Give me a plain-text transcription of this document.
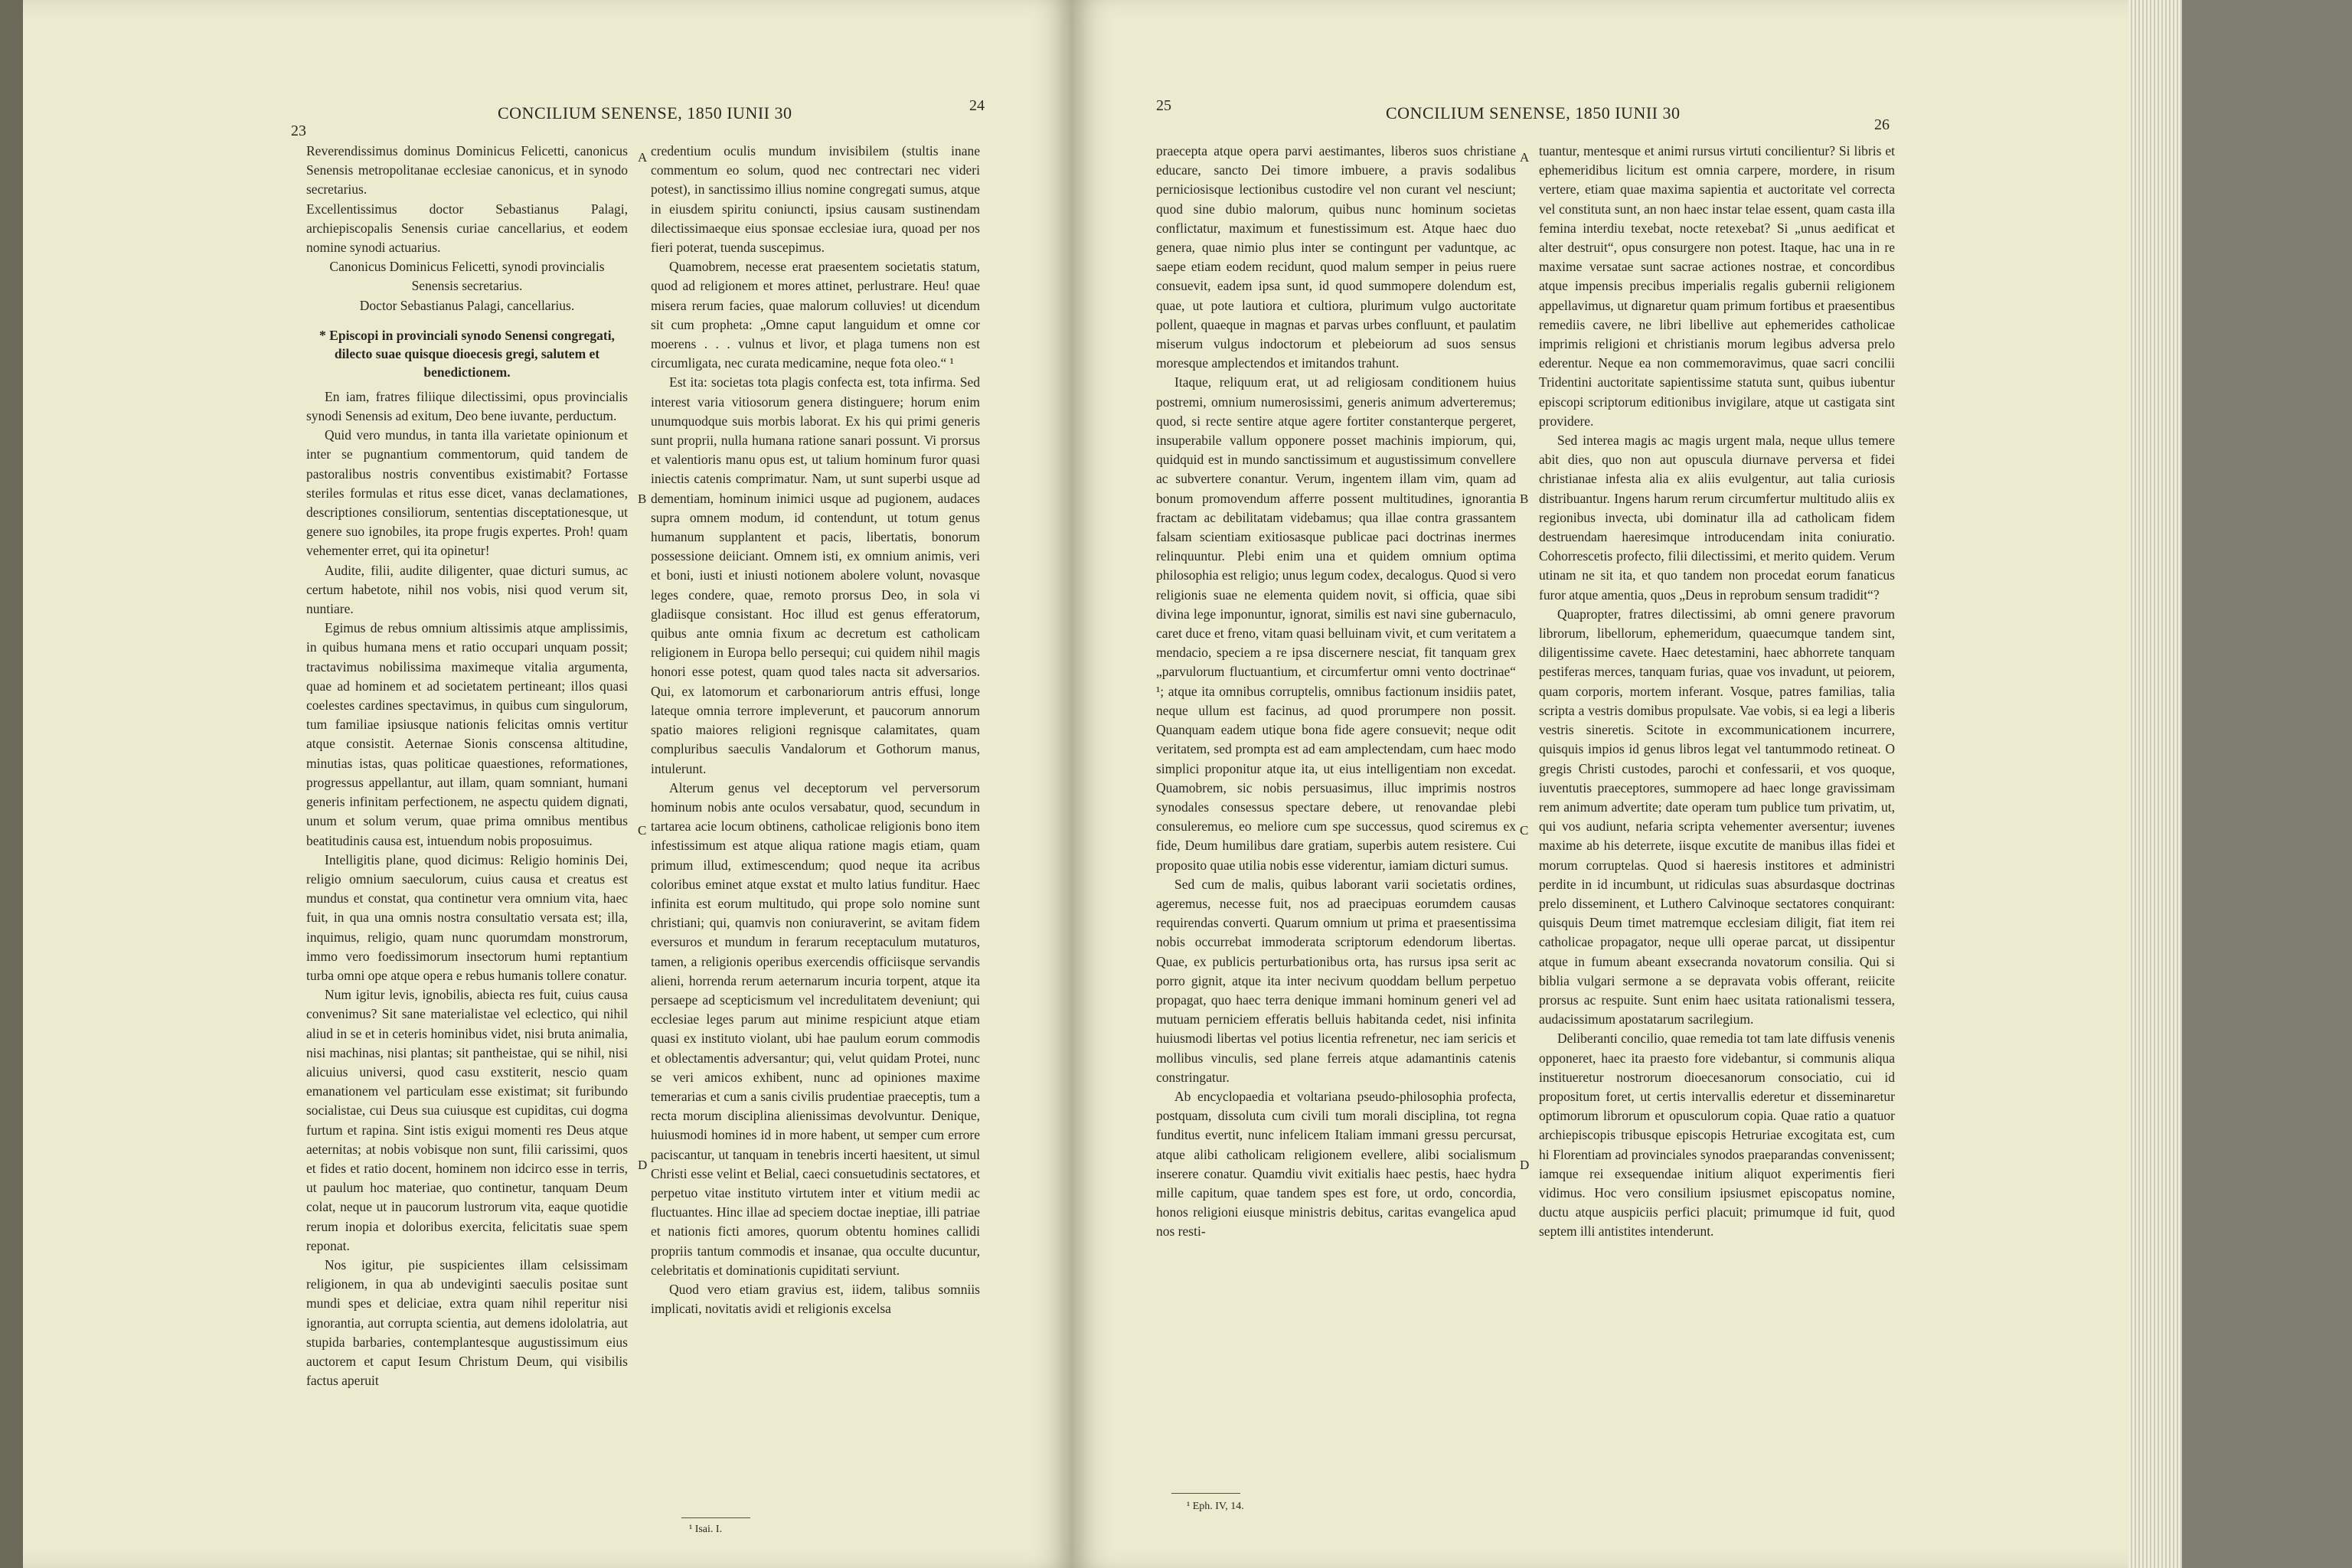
23
CONCILIUM SENENSE, 1850 IUNII 30	24

Reverendissimus dominus Dominicus Felicetti, canonicus Senensis metropolitanae ecclesiae canonicus, et in synodo secretarius.

Excellentissimus doctor Sebastianus Palagi, archiepiscopalis Senensis curiae cancellarius, et eodem nomine synodi actuarius.

Canonicus Dominicus Felicetti, synodi provincialis Senensis secretarius.

Doctor Sebastianus Palagi, cancellarius.

* Episcopi in provinciali synodo Senensi congregati, dilecto suae quisque dioecesis gregi, salutem et benedictionem.

En iam, fratres filiique dilectissimi, opus provincialis synodi Senensis ad exitum, Deo bene iuvante, perductum.

Quid vero mundus, in tanta illa varietate opinionum et inter se pugnantium commentorum, quid tandem de pastoralibus nostris conventibus existimabit? Fortasse steriles formulas et ritus esse dicet, vanas declamationes, descriptiones consiliorum, sententias disceptationesque, ut genere suo ignobiles, ita prope frugis expertes. Proh! quam vehementer erret, qui ita opinetur!

Audite, filii, audite diligenter, quae dicturi sumus, ac certum habetote, nihil nos vobis, nisi quod verum sit, nuntiare.

Egimus de rebus omnium altissimis atque amplissimis, in quibus humana mens et ratio occupari unquam possit; tractavimus nobilissima maximeque vitalia argumenta, quae ad hominem et ad societatem pertineant; illos quasi coelestes cardines spectavimus, in quibus cum singulorum, tum familiae ipsiusque nationis felicitas omnis vertitur atque consistit. Aeternae Sionis conscensa altitudine, minutias istas, quas politicae quaestiones, reformationes, progressus appellantur, aut illam, quam somniant, humani generis infinitam perfectionem, ne aspectu quidem dignati, unum et solum verum, quae prima omnibus mentibus beatitudinis causa est, intuendum nobis proposuimus.

Intelligitis plane, quod dicimus: Religio hominis Dei, religio omnium saeculorum, cuius causa et creatus est mundus et constat, qua continetur vera omnium vita, haec fuit, in qua una omnis nostra consultatio versata est; illa, inquimus, religio, quam nunc quorumdam monstrorum, immo vero foedissimorum insectorum humi reptantium turba omni ope atque opera e rebus humanis tollere conatur.

Num igitur levis, ignobilis, abiecta res fuit, cuius causa convenimus? Sit sane materialistae vel eclectico, qui nihil aliud in se et in ceteris hominibus videt, nisi bruta animalia, nisi machinas, nisi plantas; sit pantheistae, qui se nihil, nisi alicuius universi, quod casu exstiterit, nescio quam emanationem vel particulam esse existimat; sit furibundo socialistae, cui Deus sua cuiusque est cupiditas, cui dogma furtum et rapina. Sint istis exigui momenti res Deus atque aeternitas; at nobis vobisque non sunt, filii carissimi, quos et fides et ratio docent, hominem non idcirco esse in terris, ut paulum hoc materiae, quo continetur, tanquam Deum colat, neque ut in paucorum lustrorum vita, eaque quotidie rerum inopia et doloribus exercita, felicitatis suae spem reponat.

Nos igitur, pie suspicientes illam celsissimam religionem, in qua ab undeviginti saeculis positae sunt mundi spes et deliciae, extra quam nihil reperitur nisi ignorantia, aut corrupta scientia, aut demens idololatria, aut stupida barbaries, contemplantesque augustissimum eius auctorem et caput Iesum Christum Deum, qui visibilis factus aperuit

A
B
C
D

credentium oculis mundum invisibilem (stultis inane commentum eo solum, quod nec contrectari nec videri potest), in sanctissimo illius nomine congregati sumus, atque in eiusdem spiritu coniuncti, ipsius causam sustinendam dilectissimaeque eius sponsae ecclesiae iura, quoad per nos fieri poterat, tuenda suscepimus.

Quamobrem, necesse erat praesentem societatis statum, quod ad religionem et mores attinet, perlustrare. Heu! quae misera rerum facies, quae malorum colluvies! ut dicendum sit cum propheta: „Omne caput languidum et omne cor moerens . . . vulnus et livor, et plaga tumens non est circumligata, nec curata medicamine, neque fota oleo.“ ¹

Est ita: societas tota plagis confecta est, tota infirma. Sed interest varia vitiosorum genera distinguere; horum enim unumquodque suis morbis laborat. Ex his qui primi generis sunt proprii, nulla humana ratione sanari possunt. Vi prorsus et valentioris manu opus est, ut talium hominum furor quasi iniectis catenis comprimatur. Nam, ut sunt superbi usque ad dementiam, hominum inimici usque ad pugionem, audaces supra omnem modum, id contendunt, ut totum genus humanum supplantent et pacis, libertatis, bonorum possessione deiiciant. Omnem isti, ex omnium animis, veri et boni, iusti et iniusti notionem abolere volunt, novasque leges condere, quae, remoto prorsus Deo, in sola vi gladiisque consistant. Hoc illud est genus efferatorum, quibus ante omnia fixum ac decretum est catholicam religionem in Europa bello persequi; cui quidem nihil magis honori esse potest, quam quod tales nacta sit adversarios. Qui, ex latomorum et carbonariorum antris effusi, longe lateque omnia terrore impleverunt, et paucorum annorum spatio maiores religioni regnisque calamitates, quam compluribus saeculis Vandalorum et Gothorum manus, intulerunt.

Alterum genus vel deceptorum vel perversorum hominum nobis ante oculos versabatur, quod, secundum in tartarea acie locum obtinens, catholicae religionis bono item infestissimum est atque aliqua ratione magis etiam, quam primum illud, extimescendum; quod neque ita acribus coloribus eminet atque exstat et multo latius funditur. Haec infinita est eorum multitudo, qui prope solo nomine sunt christiani; qui, quamvis non coniuraverint, se avitam fidem eversuros et mundum in ferarum receptaculum mutaturos, tamen, a religionis operibus exercendis officiisque servandis alieni, horrenda rerum aeternarum incuria torpent, atque ita persaepe ad scepticismum vel incredulitatem deveniunt; qui ecclesiae leges parum aut minime respiciunt atque etiam quasi ex instituto violant, ubi hae paulum eorum commodis et oblectamentis adversantur; qui, velut quidam Protei, nunc se veri amicos exhibent, nunc ad opiniones maxime temerarias et cum a sanis civilis prudentiae praeceptis, tum a recta morum disciplina alienissimas devolvuntur. Denique, huiusmodi homines id in more habent, ut semper cum errore paciscantur, ut tanquam in tenebris incerti haesitent, ut simul Christi esse velint et Belial, caeci consuetudinis sectatores, et perpetuo vitae instituto virtutem inter et vitium medii ac fluctuantes. Hinc illae ad speciem doctae ineptiae, illi patriae et nationis ficti amores, quorum obtentu homines callidi propriis tantum commodis et insanae, qua occulte ducuntur, celebritatis et dominationis cupiditati serviunt.

Quod vero etiam gravius est, iidem, talibus somniis implicati, novitatis avidi et religionis excelsa

¹ Isai. I.
25	CONCILIUM SENENSE, 1850 IUNII 30
26

praecepta atque opera parvi aestimantes, liberos suos christiane educare, sancto Dei timore imbuere, a pravis sodalibus perniciosisque lectionibus custodire vel non curant vel nesciunt; quod sine dubio malorum, quibus nunc hominum societas conflictatur, maximum et funestissimum est. Atque haec duo genera, quae nimio plus inter se contingunt per vaduntque, ac saepe etiam eodem recidunt, quod malum semper in peius ruere consuevit, eadem ipsa sunt, id quod summopere dolendum est, quae, ut pote lautiora et cultiora, plurimum vulgo auctoritate pollent, quaeque in magnas et parvas urbes confluunt, et paulatim miserum vulgus indoctorum et plebeiorum ad suos sensus moresque amplectendos et imitandos trahunt.

Itaque, reliquum erat, ut ad religiosam conditionem huius postremi, omnium numerosissimi, generis animum adverteremus; quod, si recte sentire atque agere fortiter constanterque pergeret, insuperabile vallum opponere posset machinis impiorum, qui, quidquid est in mundo sanctissimum et augustissimum convellere ac subvertere conantur. Verum, ingentem illam vim, quam ad bonum promovendum afferre possent multitudines, ignorantia fractam ac debilitatam videbamus; qua illae contra grassantem falsam scientiam exitiosasque publicae paci doctrinas inermes relinquuntur. Plebi enim una et quidem omnium optima philosophia est religio; unus legum codex, decalogus. Quod si vero religionis suae ne elementa quidem novit, si officia, quae sibi divina lege imponuntur, ignorat, similis est navi sine gubernaculo, caret duce et freno, vitam quasi belluinam vivit, et cum veritatem a mendacio, speciem a re ipsa discernere nesciat, fit tanquam grex „parvulorum fluctuantium, et circumfertur omni vento doctrinae“ ¹; atque ita omnibus corruptelis, omnibus factionum insidiis patet, neque ullum est facinus, ad quod prorumpere non possit. Quanquam eadem utique bona fide agere consuevit; neque odit veritatem, sed prompta est ad eam amplectendam, cum haec modo simplici proponitur atque ita, ut eius intelligentiam non excedat. Quamobrem, sic nobis persuasimus, illuc imprimis nostros synodales consessus spectare debere, ut renovandae plebi consuleremus, eo meliore cum spe successus, quod sciremus ex fide, Deum humilibus dare gratiam, superbis autem resistere. Cui proposito quae utilia nobis esse viderentur, iamiam dicturi sumus.

Sed cum de malis, quibus laborant varii societatis ordines, ageremus, necesse fuit, nos ad praecipuas eorumdem causas requirendas converti. Quarum omnium ut prima et praesentissima nobis occurrebat immoderata scriptorum edendorum libertas. Quae, ex publicis perturbationibus orta, has rursus ipsa serit ac porro gignit, atque ita inter necivum quoddam bellum perpetuo propagat, quo haec terra denique immani hominum generi vel ad mutuam perniciem efferatis belluis habitanda cedet, nisi infinita huiusmodi libertas vel potius licentia refrenetur, nec iam sericis et mollibus vinculis, sed plane ferreis atque adamantinis catenis constringatur.

Ab encyclopaedia et voltariana pseudo-philosophia profecta, postquam, dissoluta cum civili tum morali disciplina, tot regna funditus evertit, nunc infelicem Italiam immani gressu percursat, atque alibi catholicam religionem evellere, alibi socialismum inserere conatur. Quamdiu vivit exitialis haec pestis, haec hydra mille capitum, quae tandem spes est fore, ut ordo, concordia, honos religioni eiusque ministris debitus, caritas evangelica apud nos resti-

A
B
C
D

tuantur, mentesque et animi rursus virtuti concilientur? Si libris et ephemeridibus licitum est omnia carpere, mordere, in risum vertere, etiam quae maxima sapientia et auctoritate vel correcta vel constituta sunt, an non haec instar telae essent, quam casta illa femina interdiu texebat, nocte retexebat? Si „unus aedificat et alter destruit“, opus consurgere non potest. Itaque, hac una in re maxime versatae sunt sacrae actiones nostrae, et concordibus atque impensis precibus imperialis regalis gubernii religionem appellavimus, ut dignaretur quam primum fortibus et praesentibus remediis cavere, ne libri libellive aut ephemerides catholicae imprimis religioni et christianis morum legibus adversa prelo ederentur. Neque ea non commemoravimus, quae sacri concilii Tridentini auctoritate sapientissime statuta sunt, quibus iubentur episcopi scriptorum editionibus invigilare, atque ut castigata sint providere.

Sed interea magis ac magis urgent mala, neque ullus temere abit dies, quo non aut opuscula diurnave perversa et fidei christianae infesta alia ex aliis evulgentur, aut talia curiosis distribuantur. Ingens harum rerum circumfertur multitudo aliis ex regionibus invecta, ubi dominatur illa ad catholicam fidem destruendam haeresimque introducendam inita coniuratio. Cohorrescetis profecto, filii dilectissimi, et merito quidem. Verum utinam ne sit ita, et quo tandem non procedat eorum fanaticus furor atque amentia, quos „Deus in reprobum sensum tradidit“?

Quapropter, fratres dilectissimi, ab omni genere pravorum librorum, libellorum, ephemeridum, quaecumque tandem sint, diligentissime cavete. Haec detestamini, haec abhorrete tanquam pestiferas merces, tanquam furias, quae vos invadunt, ut peiorem, quam corporis, mortem inferant. Vosque, patres familias, talia scripta a vestris domibus propulsate. Vae vobis, si ea legi a liberis vestris sineretis. Scitote in excommunicationem incurrere, quisquis impios id genus libros legat vel tantummodo retineat. O gregis Christi custodes, parochi et confessarii, et vos quoque, iuventutis praeceptores, summopere ad haec longe gravissimam rem animum advertite; date operam tum publice tum privatim, ut, qui vos audiunt, nefaria scripta vehementer aversentur; iuvenes maxime ab his deterrete, iisque excutite de manibus illas fidei et morum corruptelas. Quod si haeresis institores et administri perdite in id incumbunt, ut ridiculas suas absurdasque doctrinas prelo disseminent, et Luthero Calvinoque sectatores conquirant: quisquis Deum timet matremque ecclesiam diligit, fiat item rei catholicae propagator, neque ulli operae parcat, ut dissipentur atque in fumum abeant exsecranda novatorum consilia. Qui si biblia vulgari sermone a se depravata vobis offerant, reiicite prorsus ac respuite. Sunt enim haec usitata rationalismi tessera, audacissimum apostatarum sacrilegium.

Deliberanti concilio, quae remedia tot tam late diffusis venenis opponeret, haec ita praesto fore videbantur, si communis aliqua institueretur nostrorum dioecesanorum consociatio, cui id propositum foret, ut certis intervallis ederetur et disseminaretur optimorum librorum et opusculorum copia. Quae ratio a quatuor archiepiscopis tribusque episcopis Hetruriae excogitata est, cum hi Florentiam ad provinciales synodos praeparandas convenissent; iamque rei exsequendae initium aliquot experimentis fieri vidimus. Hoc vero consilium ipsiusmet episcopatus nomine, ductu atque auspiciis perfici placuit; primumque id fuit, quod septem illi antistites intenderunt.

¹ Eph. IV, 14.
